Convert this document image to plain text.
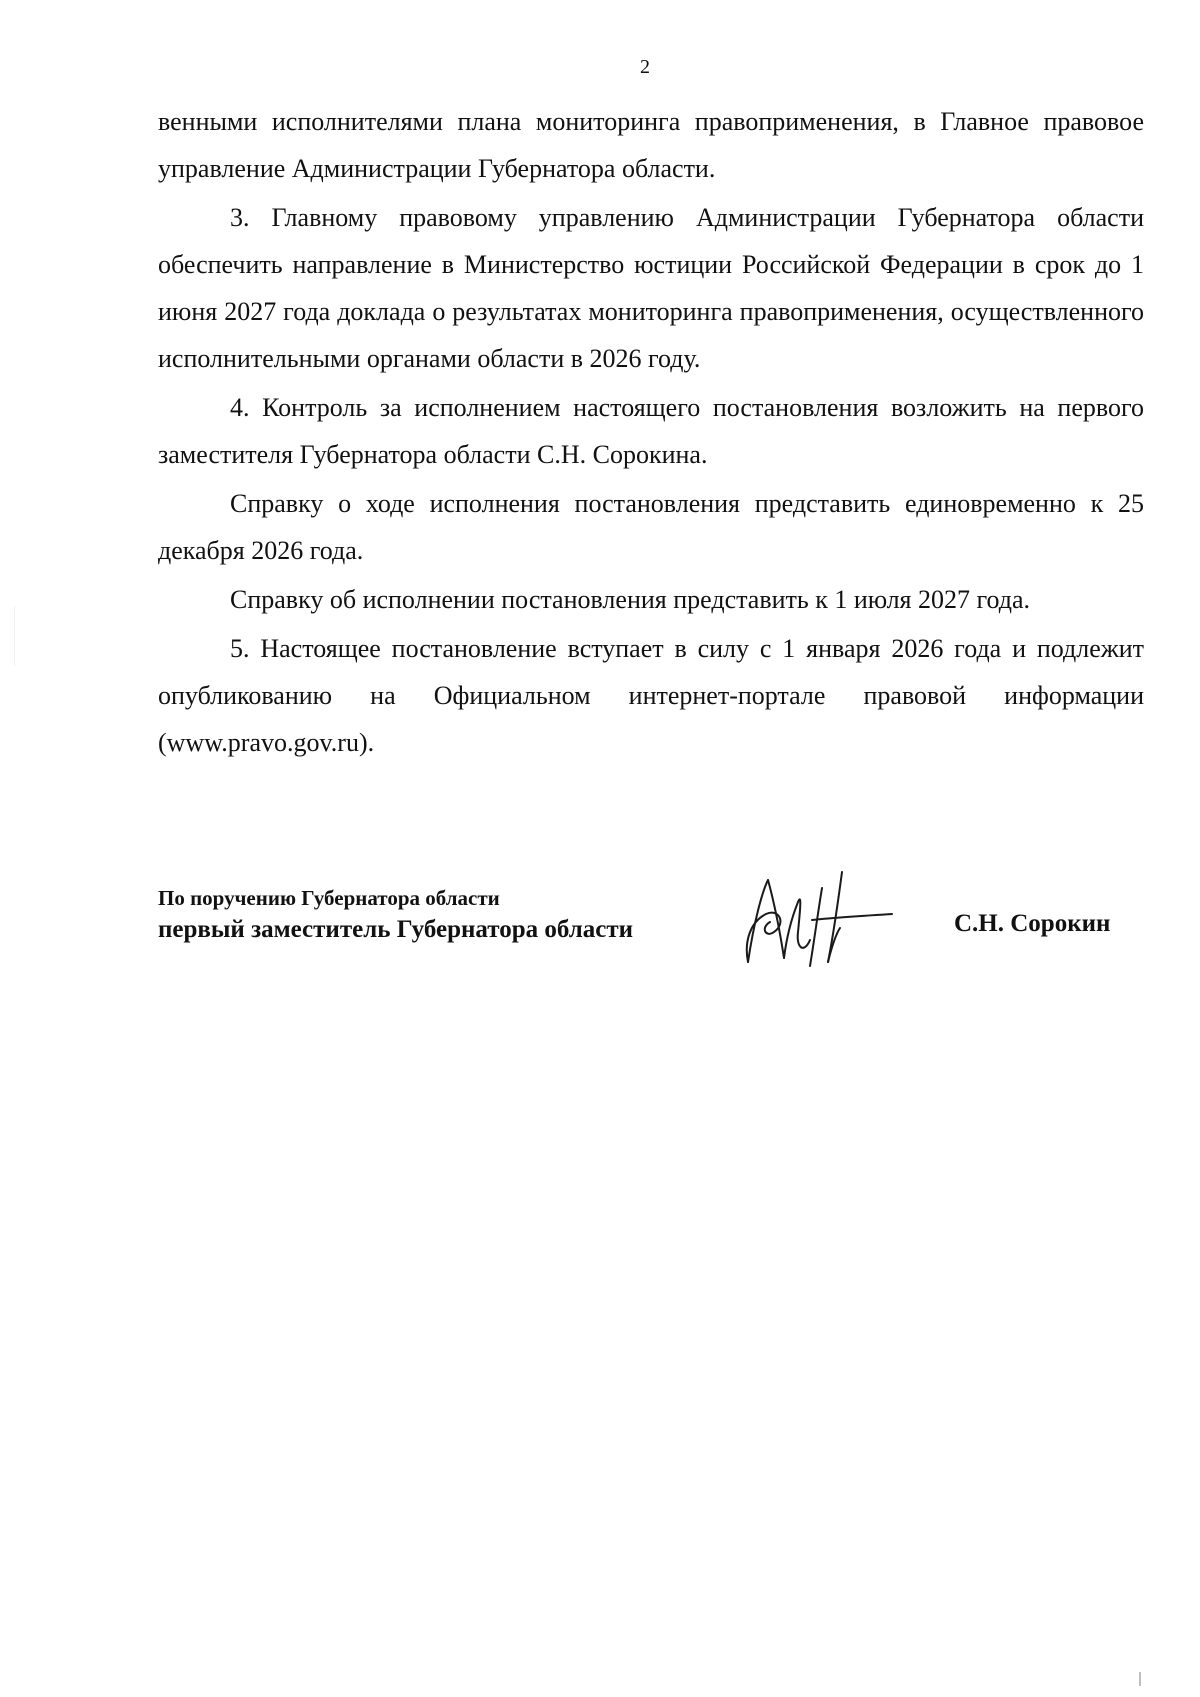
2

венными исполнителями плана мониторинга правоприменения, в Главное правовое управление Администрации Губернатора области.

3. Главному правовому управлению Администрации Губернатора области обеспечить направление в Министерство юстиции Российской Федерации в срок до 1 июня 2027 года доклада о результатах мониторинга правоприменения, осуществленного исполнительными органами области в 2026 году.

4. Контроль за исполнением настоящего постановления возложить на первого заместителя Губернатора области С.Н. Сорокина.

Справку о ходе исполнения постановления представить единовременно к 25 декабря 2026 года.

Справку об исполнении постановления представить к 1 июля 2027 года.

5. Настоящее постановление вступает в силу с 1 января 2026 года и подлежит опубликованию на Официальном интернет-портале правовой информации (www.pravo.gov.ru).

По поручению Губернатора области
первый заместитель Губернатора области	С.Н. Сорокин
